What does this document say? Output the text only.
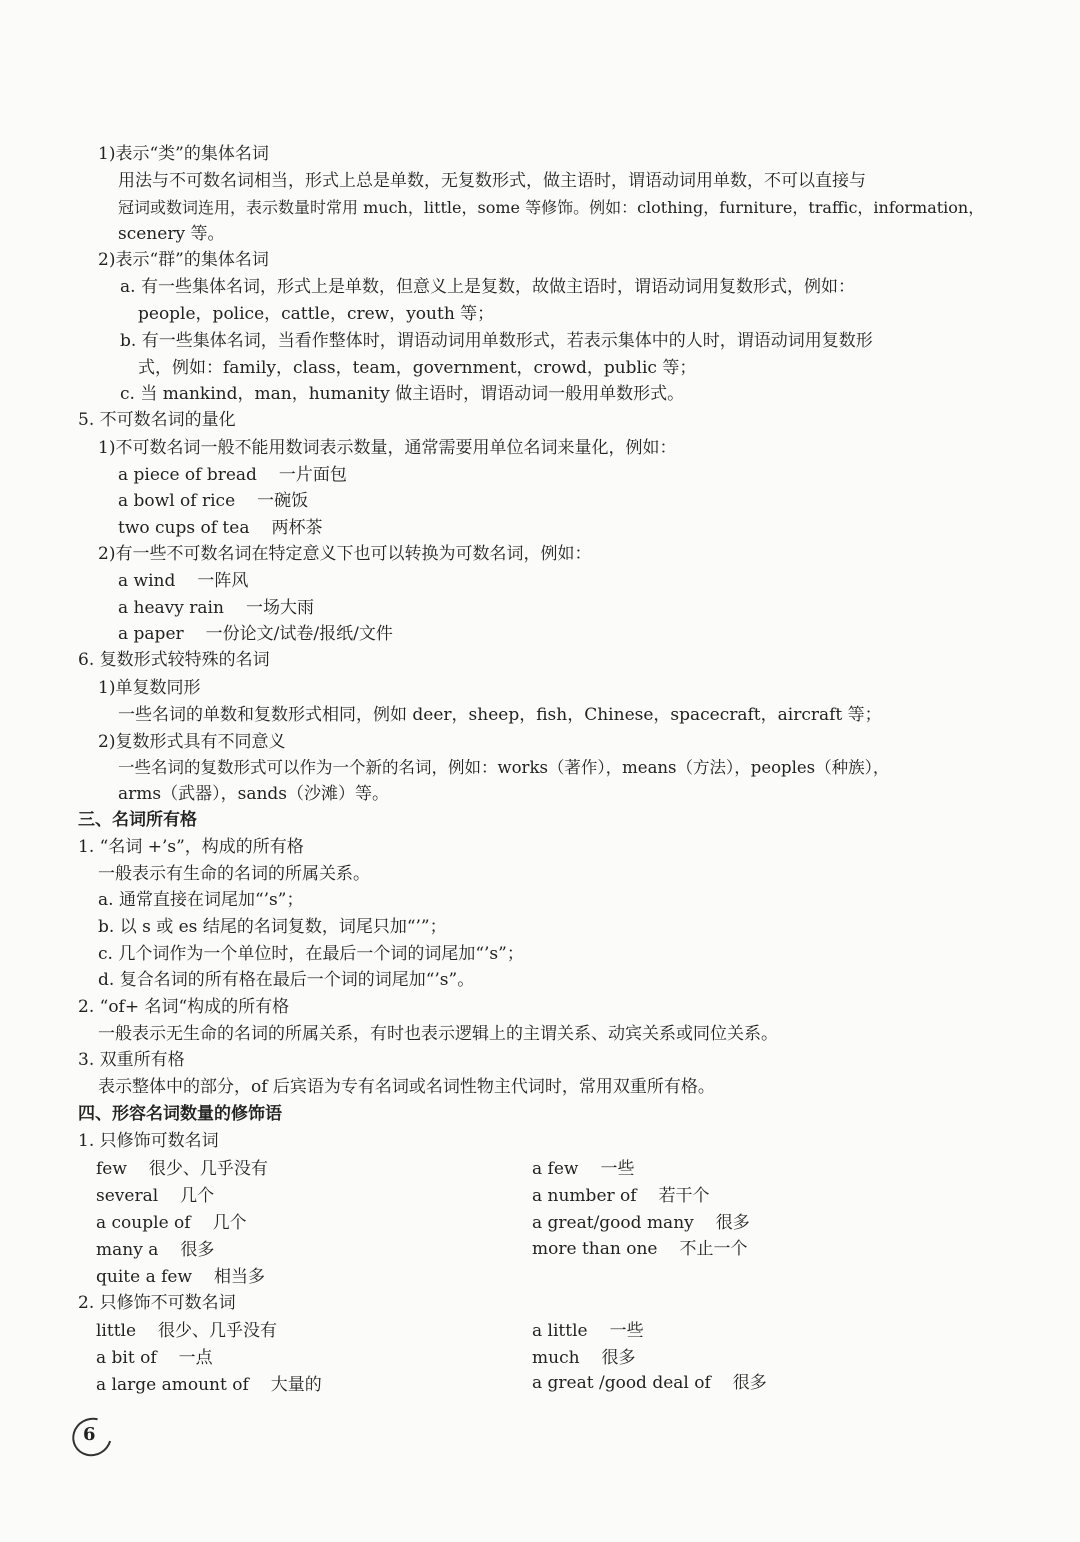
1)表示“类”的集体名词
用法与不可数名词相当，形式上总是单数，无复数形式，做主语时，谓语动词用单数，不可以直接与
冠词或数词连用，表示数量时常用 much，little，some 等修饰。例如：clothing，furniture，traffic，information，
scenery 等。
2)表示“群”的集体名词
a. 有一些集体名词，形式上是单数，但意义上是复数，故做主语时，谓语动词用复数形式，例如：
people，police，cattle，crew，youth 等；
b. 有一些集体名词，当看作整体时，谓语动词用单数形式，若表示集体中的人时，谓语动词用复数形
式，例如：family，class，team，government，crowd，public 等；
c. 当 mankind，man，humanity 做主语时，谓语动词一般用单数形式。
5. 不可数名词的量化
1)不可数名词一般不能用数词表示数量，通常需要用单位名词来量化，例如：
a piece of bread 一片面包
a bowl of rice 一碗饭
two cups of tea 两杯茶
2)有一些不可数名词在特定意义下也可以转换为可数名词，例如：
a wind 一阵风
a heavy rain 一场大雨
a paper 一份论文/试卷/报纸/文件
6. 复数形式较特殊的名词
1)单复数同形
一些名词的单数和复数形式相同，例如 deer，sheep，fish，Chinese，spacecraft，aircraft 等；
2)复数形式具有不同意义
一些名词的复数形式可以作为一个新的名词，例如：works（著作），means（方法），peoples（种族），
arms（武器），sands（沙滩）等。
三、名词所有格
1. “名词 +’s”，构成的所有格
一般表示有生命的名词的所属关系。
a. 通常直接在词尾加“’s”；
b. 以 s 或 es 结尾的名词复数，词尾只加“’”；
c. 几个词作为一个单位时，在最后一个词的词尾加“’s”；
d. 复合名词的所有格在最后一个词的词尾加“’s”。
2. “of+ 名词“构成的所有格
一般表示无生命的名词的所属关系，有时也表示逻辑上的主谓关系、动宾关系或同位关系。
3. 双重所有格
表示整体中的部分，of 后宾语为专有名词或名词性物主代词时，常用双重所有格。
四、形容名词数量的修饰语
1. 只修饰可数名词
few 很少、几乎没有
several 几个
a couple of 几个
many a 很多
quite a few 相当多
a few 一些
a number of 若干个
a great/good many 很多
more than one 不止一个
2. 只修饰不可数名词
little 很少、几乎没有
a bit of 一点
a large amount of 大量的
a little 一些
much 很多
a great /good deal of 很多
6
